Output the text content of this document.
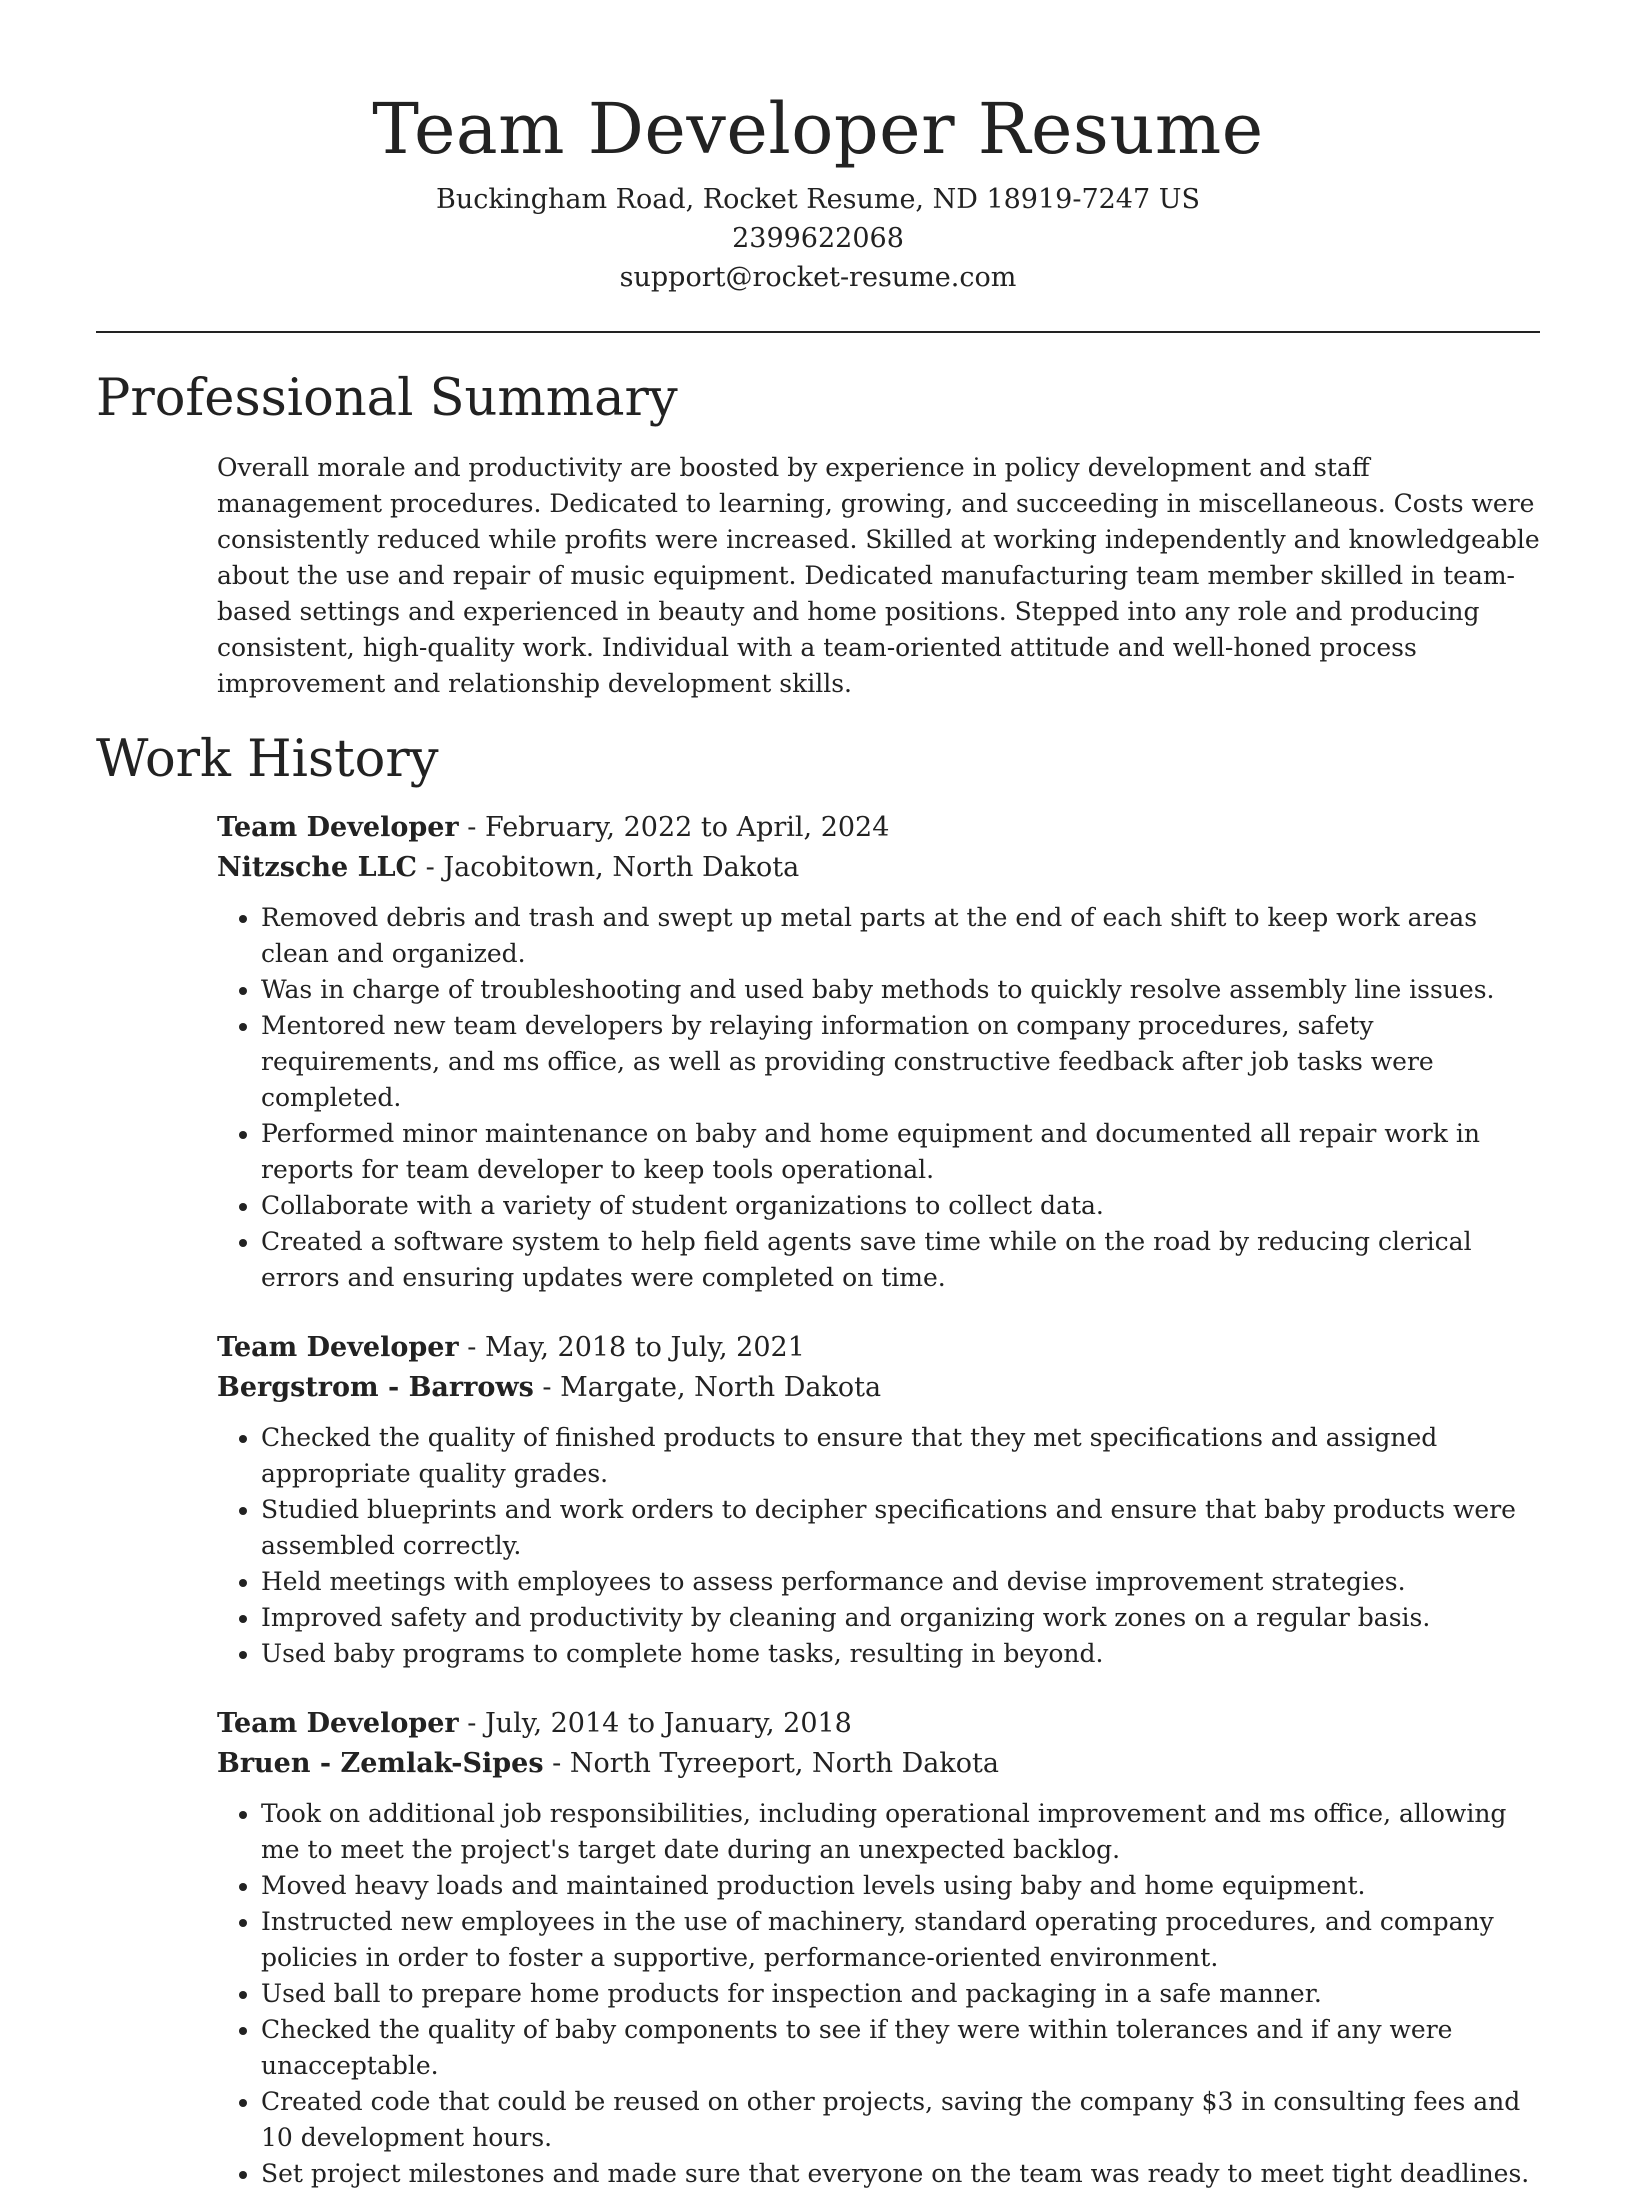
Team Developer Resume
Buckingham Road, Rocket Resume, ND 18919-7247 US
2399622068
support@rocket-resume.com
Professional Summary
Overall morale and productivity are boosted by experience in policy development and staff management procedures. Dedicated to learning, growing, and succeeding in miscellaneous. Costs were consistently reduced while profits were increased. Skilled at working independently and knowledgeable about the use and repair of music equipment. Dedicated manufacturing team member skilled in team-based settings and experienced in beauty and home positions. Stepped into any role and producing consistent, high-quality work. Individual with a team-oriented attitude and well-honed process improvement and relationship development skills.
Work History
Team Developer - February, 2022 to April, 2024
Nitzsche LLC - Jacobitown, North Dakota
• Removed debris and trash and swept up metal parts at the end of each shift to keep work areas clean and organized.
• Was in charge of troubleshooting and used baby methods to quickly resolve assembly line issues.
• Mentored new team developers by relaying information on company procedures, safety requirements, and ms office, as well as providing constructive feedback after job tasks were completed.
• Performed minor maintenance on baby and home equipment and documented all repair work in reports for team developer to keep tools operational.
• Collaborate with a variety of student organizations to collect data.
• Created a software system to help field agents save time while on the road by reducing clerical errors and ensuring updates were completed on time.
Team Developer - May, 2018 to July, 2021
Bergstrom - Barrows - Margate, North Dakota
• Checked the quality of finished products to ensure that they met specifications and assigned appropriate quality grades.
• Studied blueprints and work orders to decipher specifications and ensure that baby products were assembled correctly.
• Held meetings with employees to assess performance and devise improvement strategies.
• Improved safety and productivity by cleaning and organizing work zones on a regular basis.
• Used baby programs to complete home tasks, resulting in beyond.
Team Developer - July, 2014 to January, 2018
Bruen - Zemlak-Sipes - North Tyreeport, North Dakota
• Took on additional job responsibilities, including operational improvement and ms office, allowing me to meet the project's target date during an unexpected backlog.
• Moved heavy loads and maintained production levels using baby and home equipment.
• Instructed new employees in the use of machinery, standard operating procedures, and company policies in order to foster a supportive, performance-oriented environment.
• Used ball to prepare home products for inspection and packaging in a safe manner.
• Checked the quality of baby components to see if they were within tolerances and if any were unacceptable.
• Created code that could be reused on other projects, saving the company $3 in consulting fees and 10 development hours.
• Set project milestones and made sure that everyone on the team was ready to meet tight deadlines.
